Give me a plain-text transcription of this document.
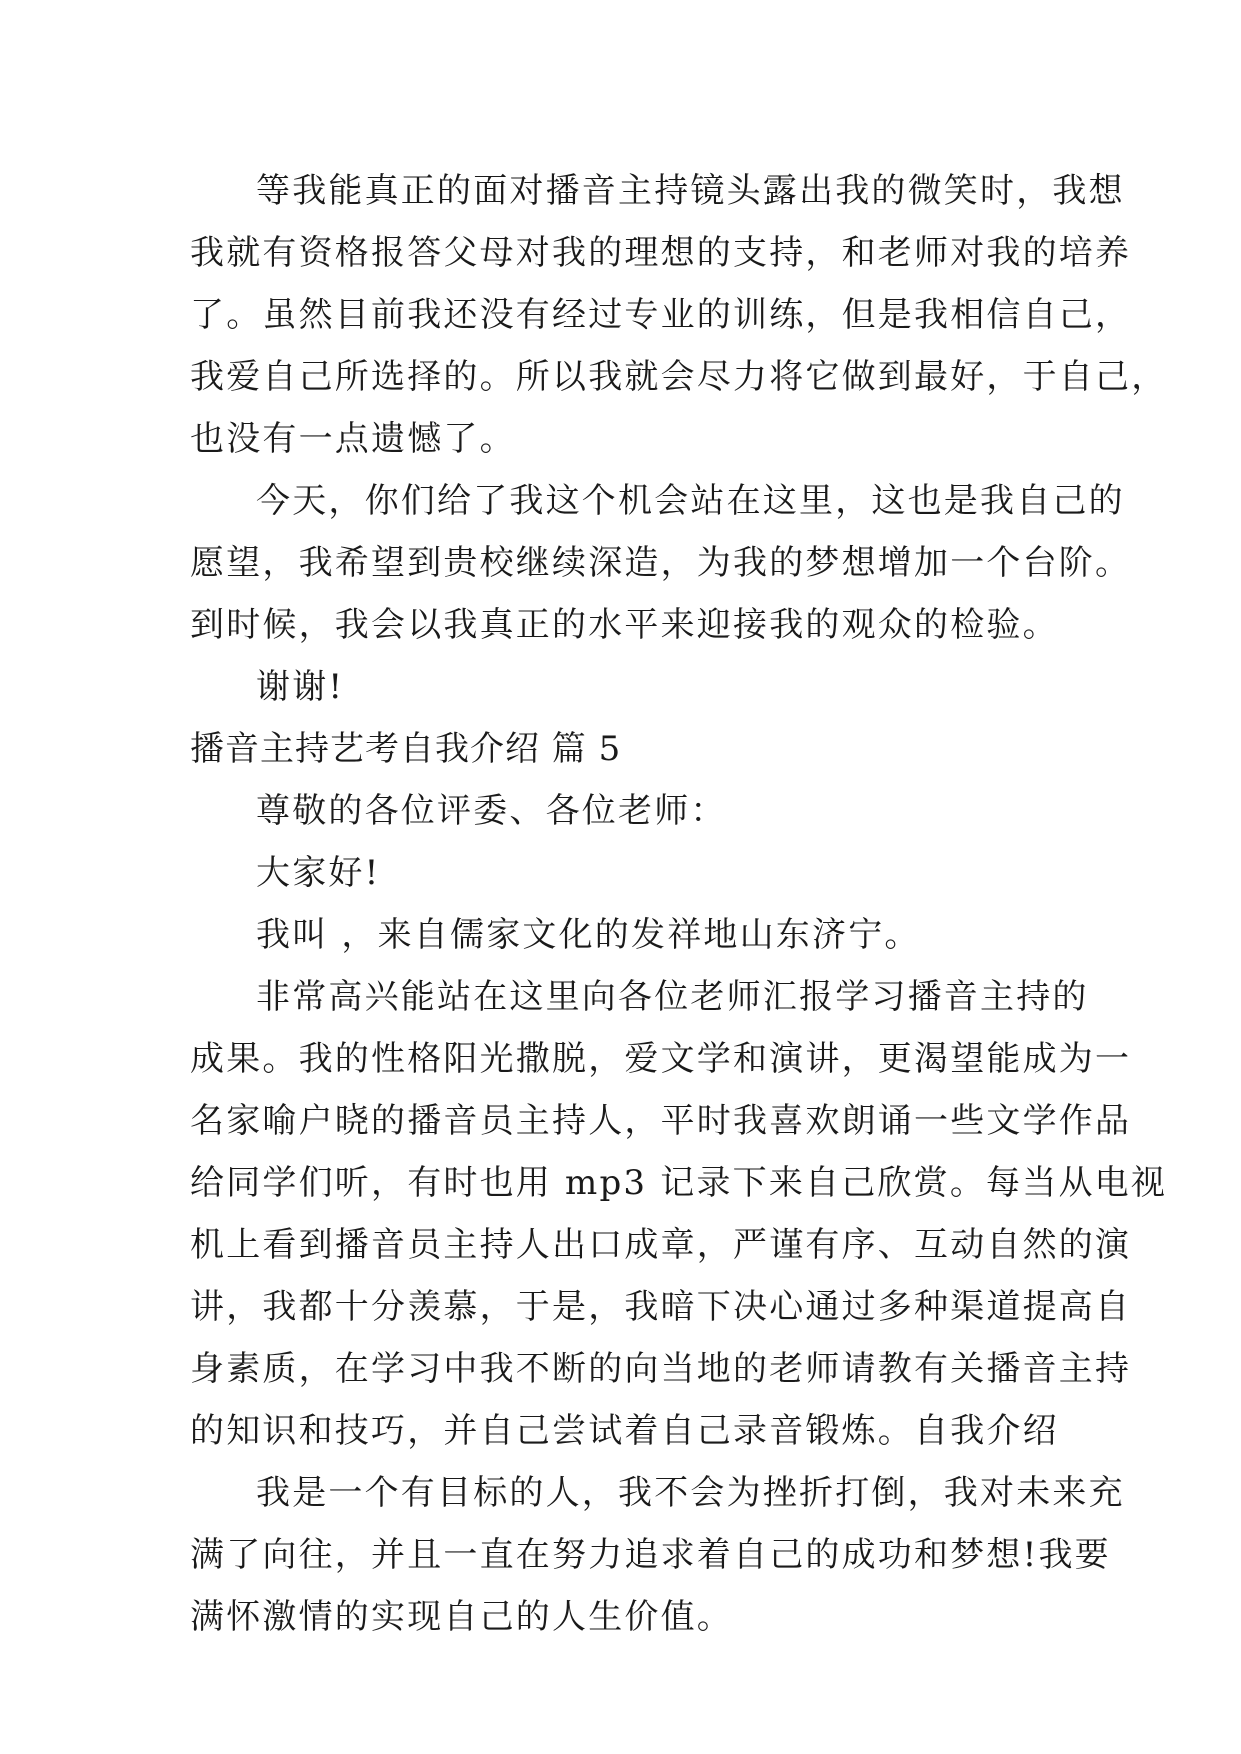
等我能真正的面对播音主持镜头露出我的微笑时，我想
我就有资格报答父母对我的理想的支持，和老师对我的培养
了。虽然目前我还没有经过专业的训练，但是我相信自己，
我爱自己所选择的。所以我就会尽力将它做到最好，于自己，
也没有一点遗憾了。
今天，你们给了我这个机会站在这里，这也是我自己的
愿望，我希望到贵校继续深造，为我的梦想增加一个台阶。
到时候，我会以我真正的水平来迎接我的观众的检验。
谢谢!
播音主持艺考自我介绍 篇 5
尊敬的各位评委、各位老师：
大家好!
我叫 ，来自儒家文化的发祥地山东济宁。
非常高兴能站在这里向各位老师汇报学习播音主持的
成果。我的性格阳光撒脱，爱文学和演讲，更渴望能成为一
名家喻户晓的播音员主持人，平时我喜欢朗诵一些文学作品
给同学们听，有时也用 mp3 记录下来自己欣赏。每当从电视
机上看到播音员主持人出口成章，严谨有序、互动自然的演
讲，我都十分羡慕，于是，我暗下决心通过多种渠道提高自
身素质，在学习中我不断的向当地的老师请教有关播音主持
的知识和技巧，并自己尝试着自己录音锻炼。自我介绍
我是一个有目标的人，我不会为挫折打倒，我对未来充
满了向往，并且一直在努力追求着自己的成功和梦想!我要
满怀激情的实现自己的人生价值。
